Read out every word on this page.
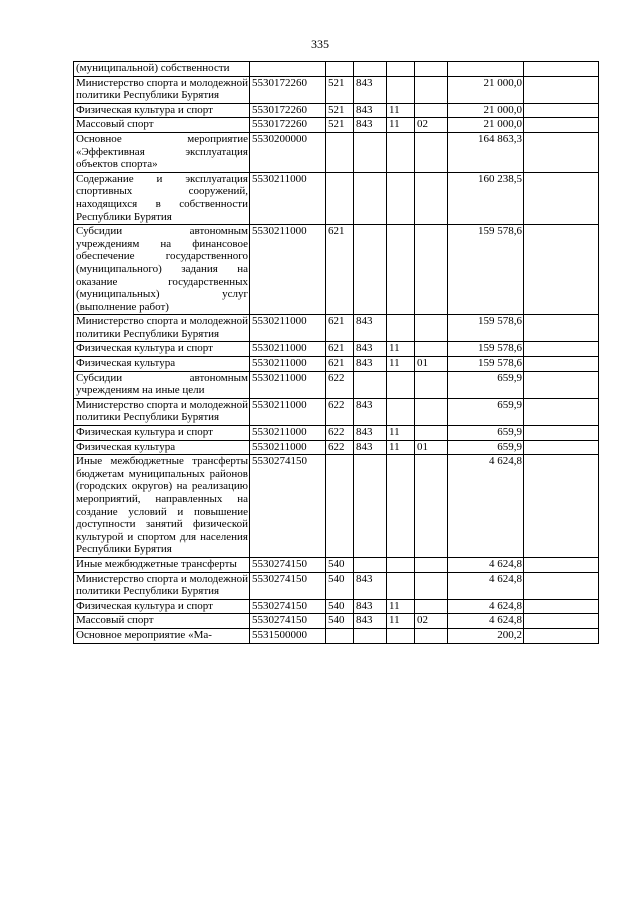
335
(муниципальной) собственности							
Министерство спорта и молодежной политики Республики Бурятия	5530172260	521	843			21 000,0	
Физическая культура и спорт	5530172260	521	843	11		21 000,0	
Массовый спорт	5530172260	521	843	11	02	21 000,0	
Основное мероприятие «Эффективная эксплуатация объектов спорта»	5530200000					164 863,3	
Содержание и эксплуатация спортивных сооружений, находящихся в собственности Республики Бурятия	5530211000					160 238,5	
Субсидии автономным учреждениям на финансовое обеспечение государственного (муниципального) задания на оказание государственных (муниципальных) услуг (выполнение работ)	5530211000	621				159 578,6	
Министерство спорта и молодежной политики Республики Бурятия	5530211000	621	843			159 578,6	
Физическая культура и спорт	5530211000	621	843	11		159 578,6	
Физическая культура	5530211000	621	843	11	01	159 578,6	
Субсидии автономным учреждениям на иные цели	5530211000	622				659,9	
Министерство спорта и молодежной политики Республики Бурятия	5530211000	622	843			659,9	
Физическая культура и спорт	5530211000	622	843	11		659,9	
Физическая культура	5530211000	622	843	11	01	659,9	
Иные межбюджетные трансферты бюджетам муниципальных районов (городских округов) на реализацию мероприятий, направленных на создание условий и повышение доступности занятий физической культурой и спортом для населения Республики Бурятия	5530274150					4 624,8	
Иные межбюджетные трансферты	5530274150	540				4 624,8	
Министерство спорта и молодежной политики Республики Бурятия	5530274150	540	843			4 624,8	
Физическая культура и спорт	5530274150	540	843	11		4 624,8	
Массовый спорт	5530274150	540	843	11	02	4 624,8	
Основное мероприятие «Ма-	5531500000					200,2	
